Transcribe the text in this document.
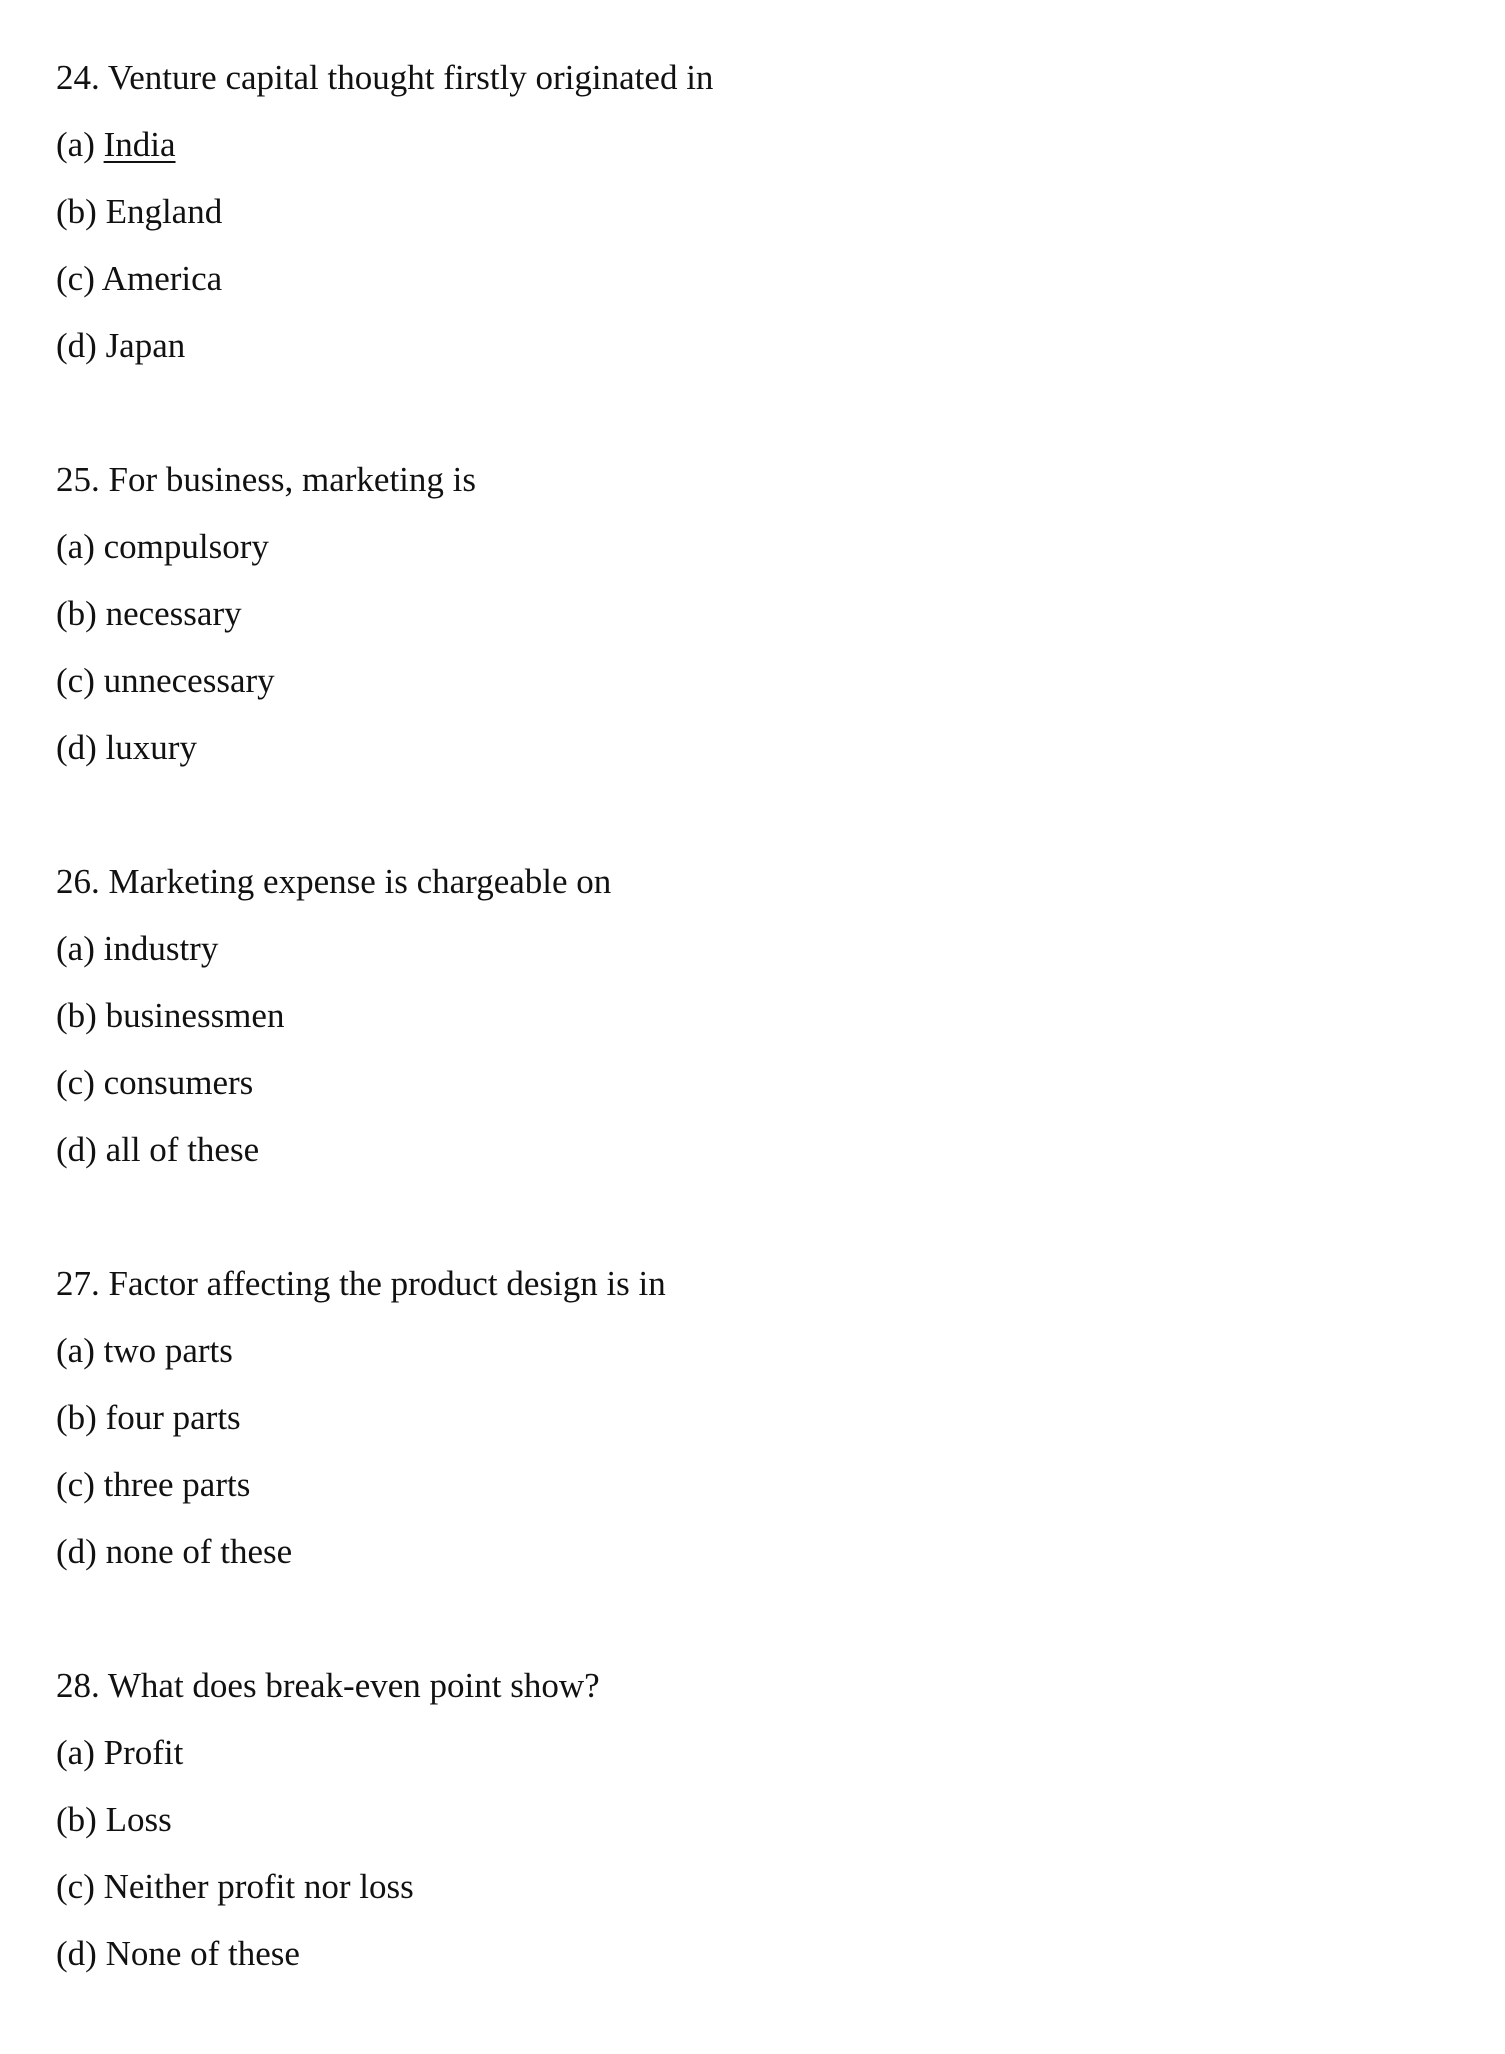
24. Venture capital thought firstly originated in
(a) India
(b) England
(c) America
(d) Japan
25. For business, marketing is
(a) compulsory
(b) necessary
(c) unnecessary
(d) luxury
26. Marketing expense is chargeable on
(a) industry
(b) businessmen
(c) consumers
(d) all of these
27. Factor affecting the product design is in
(a) two parts
(b) four parts
(c) three parts
(d) none of these
28. What does break-even point show?
(a) Profit
(b) Loss
(c) Neither profit nor loss
(d) None of these
